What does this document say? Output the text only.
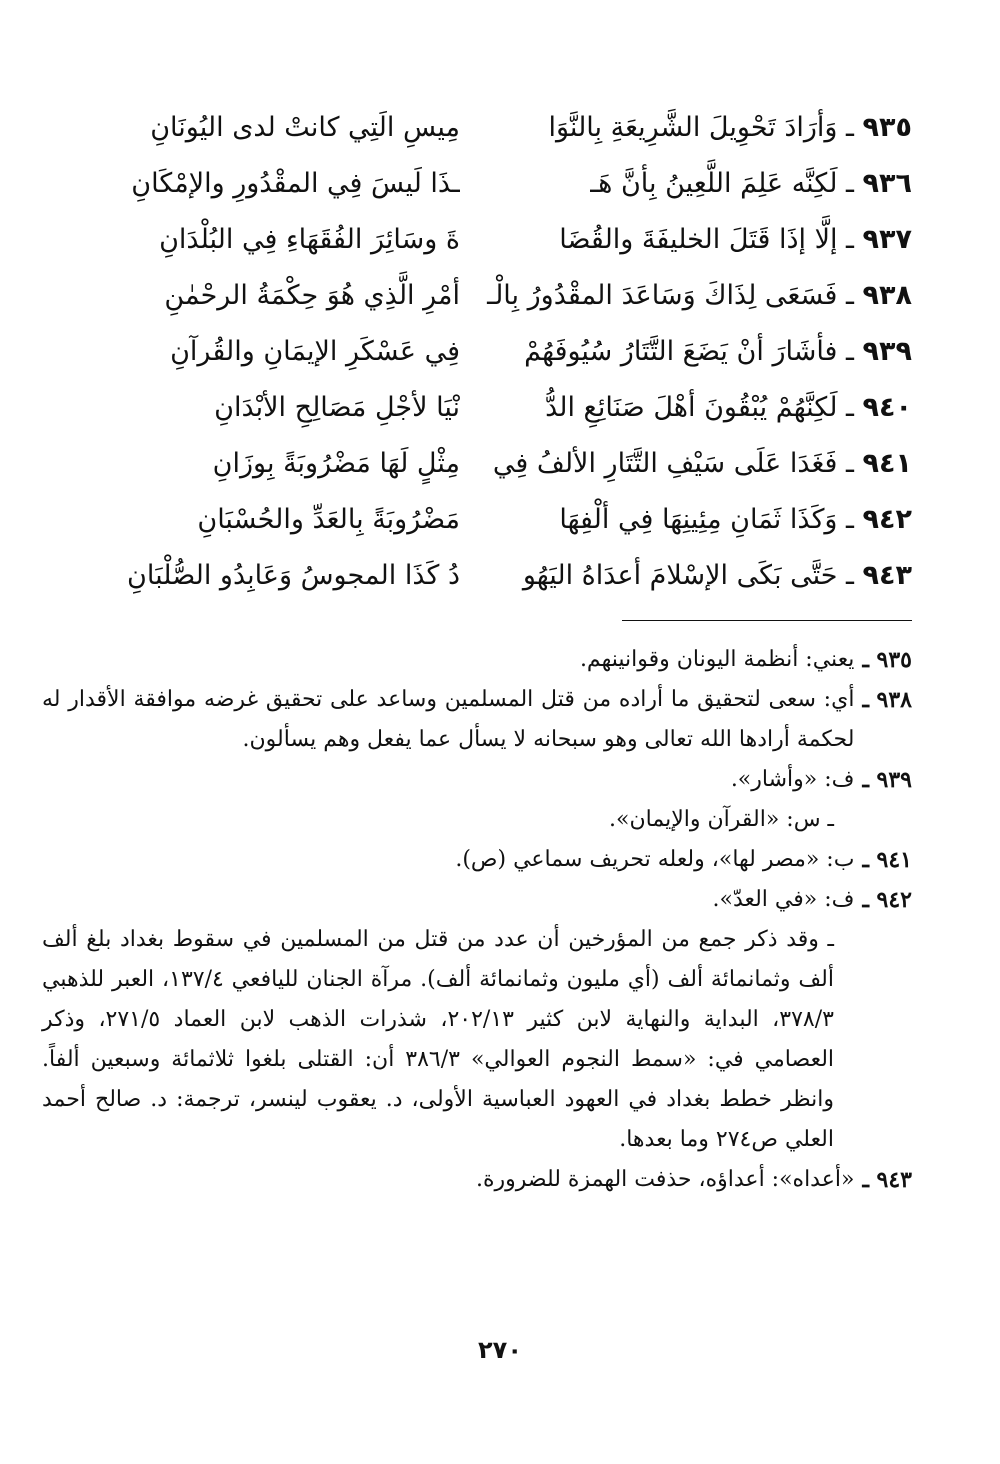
٩٣٥ ـ وَأرَادَ تَحْوِيلَ الشَّرِيعَةِ بِالنَّوَا
مِيسِ الَتِي كانتْ لدى اليُونَانِ
٩٣٦ ـ لَكِنَّه عَلِمَ اللَّعِينُ بِأنَّ هَـ
ـذَا لَيسَ فِي المقْدُورِ والإمْكَانِ
٩٣٧ ـ إلَّا إذَا قَتَلَ الخليفَةَ والقُضَا
ةَ وسَائِرَ الفُقَهَاءِ فِي البُلْدَانِ
٩٣٨ ـ فَسَعَى لِذَاكَ وَسَاعَدَ المقْدُورُ بِالْـ
أمْرِ الَّذِي هُوَ حِكْمَةُ الرحْمٰنِ
٩٣٩ ـ فأشَارَ أنْ يَضَعَ التَّتَارُ سُيُوفَهُمْ
فِي عَسْكَرِ الإيمَانِ والقُرآنِ
٩٤٠ ـ لَكِنَّهُمْ يُبْقُونَ أهْلَ صَنَائِعِ الدُّ
نْيَا لأجْلِ مَصَالِحِ الأبْدَانِ
٩٤١ ـ فَغَدَا عَلَى سَيْفِ التَّتَارِ الألفُ فِي
مِثْلٍ لَهَا مَضْرُوبَةً بِوزَانِ
٩٤٢ ـ وَكَذَا ثَمَانِ مِئِينِهَا فِي ألْفِهَا
مَضْرُوبَةً بِالعَدِّ والحُسْبَانِ
٩٤٣ ـ حَتَّى بَكَى الإسْلامَ أعدَاهُ اليَهُو
دُ كَذَا المجوسُ وَعَابِدُو الصُّلْبَانِ
٩٣٥ ـ
يعني: أنظمة اليونان وقوانينهم.
٩٣٨ ـ
أي: سعى لتحقيق ما أراده من قتل المسلمين وساعد على تحقيق غرضه موافقة الأقدار له لحكمة أرادها الله تعالى وهو سبحانه لا يسأل عما يفعل وهم يسألون.
٩٣٩ ـ
ف: «وأشار».
ـ س: «القرآن والإيمان».
٩٤١ ـ
ب: «مصر لها»، ولعله تحريف سماعي (ص).
٩٤٢ ـ
ف: «في العدّ».
ـ وقد ذكر جمع من المؤرخين أن عدد من قتل من المسلمين في سقوط بغداد بلغ ألف ألف وثمانمائة ألف (أي مليون وثمانمائة ألف). مرآة الجنان لليافعي ١٣٧/٤، العبر للذهبي ٣٧٨/٣، البداية والنهاية لابن كثير ٢٠٢/١٣، شذرات الذهب لابن العماد ٢٧١/٥، وذكر العصامي في: «سمط النجوم العوالي» ٣٨٦/٣ أن: القتلى بلغوا ثلاثمائة وسبعين ألفاً. وانظر خطط بغداد في العهود العباسية الأولى، د. يعقوب لينسر، ترجمة: د. صالح أحمد العلي ص٢٧٤ وما بعدها.
٩٤٣ ـ
«أعداه»: أعداؤه، حذفت الهمزة للضرورة.
٢٧٠
